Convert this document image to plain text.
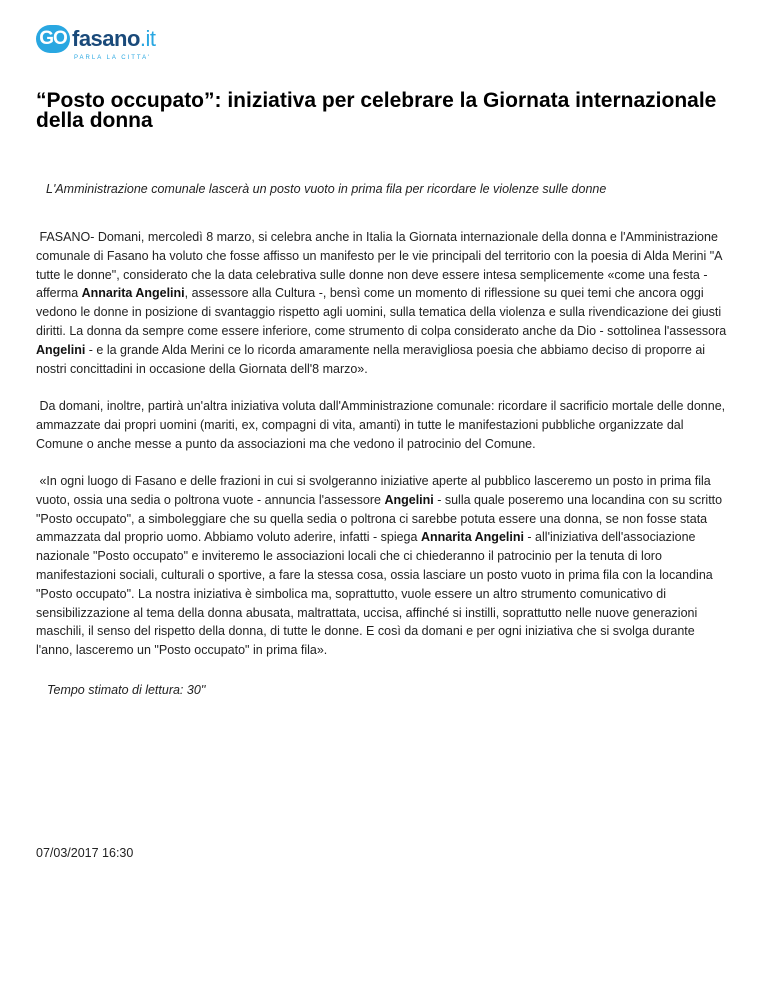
GO fasano.it
PARLA LA CITTA'
“Posto occupato”: iniziativa per celebrare la Giornata internazionale della donna
L'Amministrazione comunale lascerà un posto vuoto in prima fila per ricordare le violenze sulle donne

FASANO- Domani, mercoledì 8 marzo, si celebra anche in Italia la Giornata internazionale della donna e l'Amministrazione comunale di Fasano ha voluto che fosse affisso un manifesto per le vie principali del territorio con la poesia di Alda Merini "A tutte le donne", considerato che la data celebrativa sulle donne non deve essere intesa semplicemente «come una festa - afferma Annarita Angelini, assessore alla Cultura -, bensì come un momento di riflessione su quei temi che ancora oggi vedono le donne in posizione di svantaggio rispetto agli uomini, sulla tematica della violenza e sulla rivendicazione dei giusti diritti. La donna da sempre come essere inferiore, come strumento di colpa considerato anche da Dio - sottolinea l'assessora Angelini - e la grande Alda Merini ce lo ricorda amaramente nella meravigliosa poesia che abbiamo deciso di proporre ai nostri concittadini in occasione della Giornata dell'8 marzo».

Da domani, inoltre, partirà un'altra iniziativa voluta dall'Amministrazione comunale: ricordare il sacrificio mortale delle donne, ammazzate dai propri uomini (mariti, ex, compagni di vita, amanti) in tutte le manifestazioni pubbliche organizzate dal Comune o anche messe a punto da associazioni ma che vedono il patrocinio del Comune.

«In ogni luogo di Fasano e delle frazioni in cui si svolgeranno iniziative aperte al pubblico lasceremo un posto in prima fila vuoto, ossia una sedia o poltrona vuote - annuncia l'assessore Angelini - sulla quale poseremo una locandina con su scritto "Posto occupato", a simboleggiare che su quella sedia o poltrona ci sarebbe potuta essere una donna, se non fosse stata ammazzata dal proprio uomo. Abbiamo voluto aderire, infatti - spiega Annarita Angelini - all'iniziativa dell'associazione nazionale "Posto occupato" e inviteremo le associazioni locali che ci chiederanno il patrocinio per la tenuta di loro manifestazioni sociali, culturali o sportive, a fare la stessa cosa, ossia lasciare un posto vuoto in prima fila con la locandina "Posto occupato". La nostra iniziativa è simbolica ma, soprattutto, vuole essere un altro strumento comunicativo di sensibilizzazione al tema della donna abusata, maltrattata, uccisa, affinché si instilli, soprattutto nelle nuove generazioni maschili, il senso del rispetto della donna, di tutte le donne. E così da domani e per ogni iniziativa che si svolga durante l'anno, lasceremo un "Posto occupato" in prima fila».

Tempo stimato di lettura: 30''
07/03/2017 16:30
